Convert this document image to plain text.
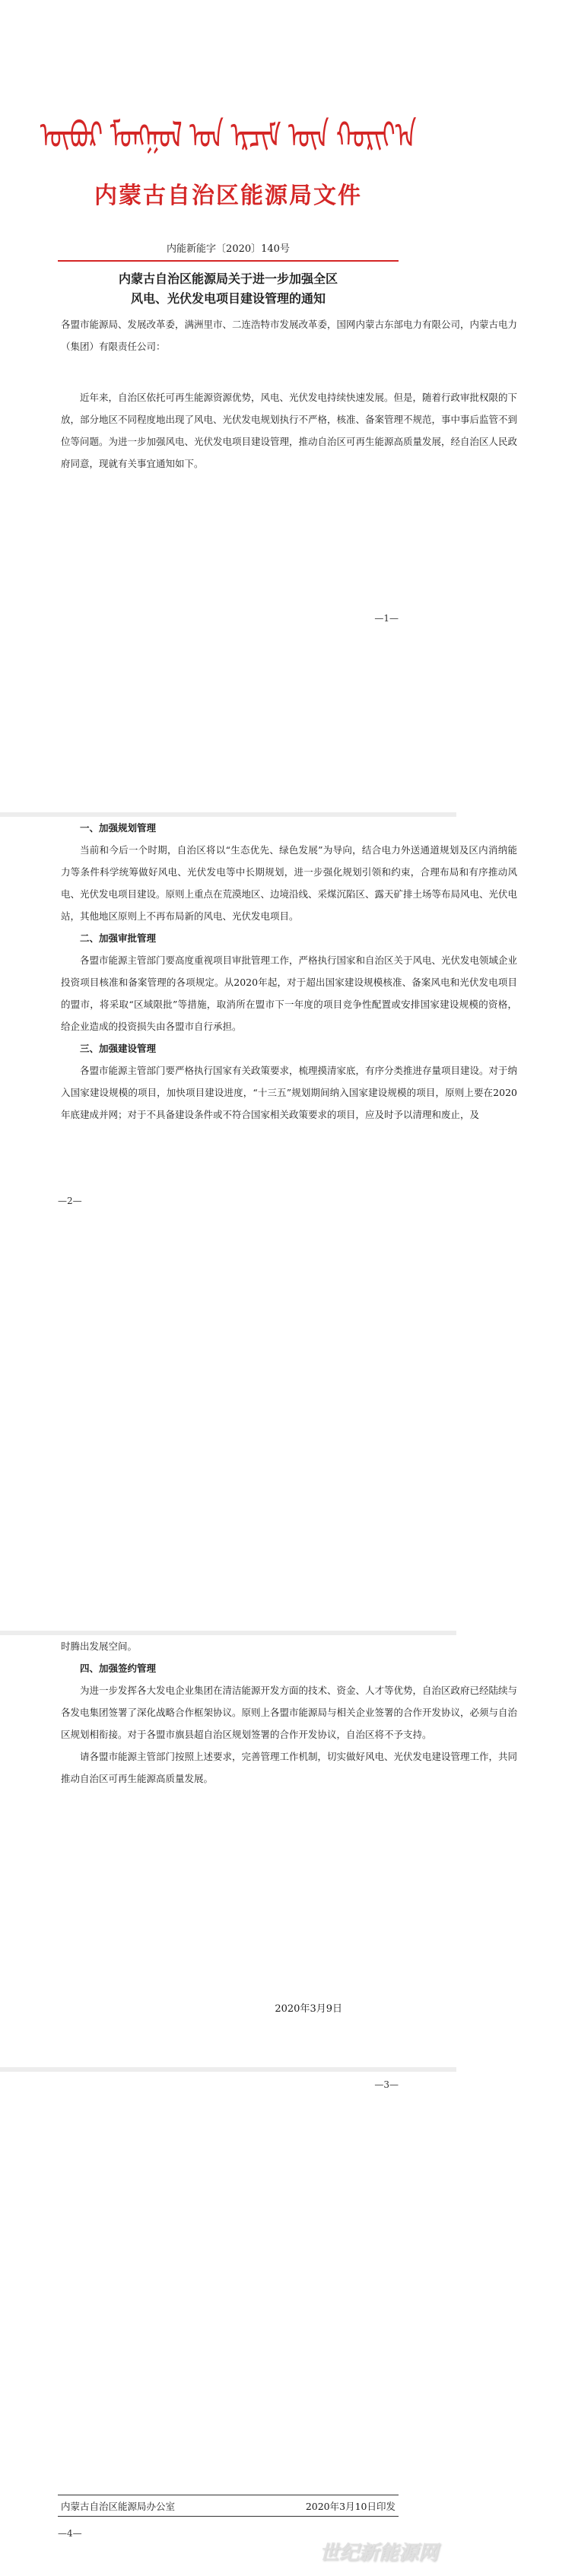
ᠥᠪᠥᠷ ᠮᠣᠩᠭᠣᠯ ᠤᠨ ᠡᠷᠴᠢᠮ ᠦᠨ ᠬᠣᠷᠢᠶ᠎ᠠ
内蒙古自治区能源局文件
内能新能字〔2020〕140号
内蒙古自治区能源局关于进一步加强全区
风电、光伏发电项目建设管理的通知

各盟市能源局、发展改革委，满洲里市、二连浩特市发展改革委，国网内蒙古东部电力有限公司，内蒙古电力（集团）有限责任公司：

近年来，自治区依托可再生能源资源优势，风电、光伏发电持续快速发展。但是，随着行政审批权限的下放，部分地区不同程度地出现了风电、光伏发电规划执行不严格，核准、备案管理不规范，事中事后监管不到位等问题。为进一步加强风电、光伏发电项目建设管理，推动自治区可再生能源高质量发展，经自治区人民政府同意，现就有关事宜通知如下。

—1—

一、加强规划管理

当前和今后一个时期，自治区将以“生态优先、绿色发展”为导向，结合电力外送通道规划及区内消纳能力等条件科学统筹做好风电、光伏发电等中长期规划，进一步强化规划引领和约束，合理布局和有序推动风电、光伏发电项目建设。原则上重点在荒漠地区、边境沿线、采煤沉陷区、露天矿排土场等布局风电、光伏电站，其他地区原则上不再布局新的风电、光伏发电项目。

二、加强审批管理

各盟市能源主管部门要高度重视项目审批管理工作，严格执行国家和自治区关于风电、光伏发电领域企业投资项目核准和备案管理的各项规定。从2020年起，对于超出国家建设规模核准、备案风电和光伏发电项目的盟市，将采取“区域限批”等措施，取消所在盟市下一年度的项目竞争性配置或安排国家建设规模的资格，给企业造成的投资损失由各盟市自行承担。

三、加强建设管理

各盟市能源主管部门要严格执行国家有关政策要求，梳理摸清家底，有序分类推进存量项目建设。对于纳入国家建设规模的项目，加快项目建设进度，“十三五”规划期间纳入国家建设规模的项目，原则上要在2020年底建成并网；对于不具备建设条件或不符合国家相关政策要求的项目，应及时予以清理和废止，及

—2—

时腾出发展空间。

四、加强签约管理

为进一步发挥各大发电企业集团在清洁能源开发方面的技术、资金、人才等优势，自治区政府已经陆续与各发电集团签署了深化战略合作框架协议。原则上各盟市能源局与相关企业签署的合作开发协议，必须与自治区规划相衔接。对于各盟市旗县超自治区规划签署的合作开发协议，自治区将不予支持。

请各盟市能源主管部门按照上述要求，完善管理工作机制，切实做好风电、光伏发电建设管理工作，共同推动自治区可再生能源高质量发展。

2020年3月9日
—3—
内蒙古自治区能源局办公室	2020年3月10日印发
—4—
世纪新能源网
